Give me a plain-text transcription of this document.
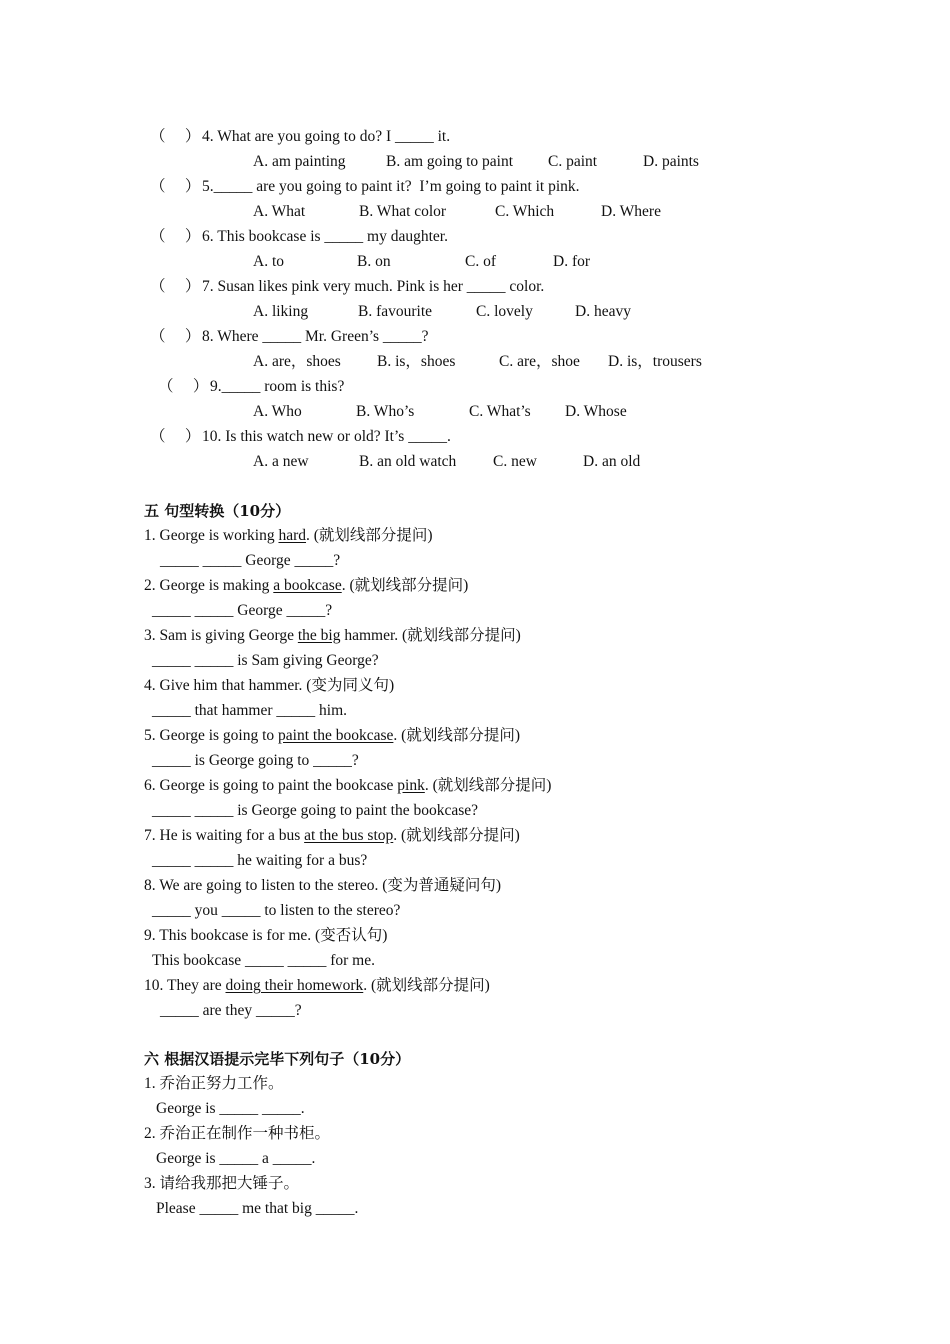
（     ） 4. What are you going to do? I _____ it.
A. am painting	B. am going to paint C. paint	D. paints
（     ） 5._____ are you going to paint it?  I’m going to paint it pink.
A. What	B. What color	C. Which	D. Where
（     ） 6. This bookcase is _____ my daughter.
A. to	B. on	C. of	D. for
（     ） 7. Susan likes pink very much. Pink is her _____ color.
A. liking	B. favourite	C. lovely	D. heavy
（     ） 8. Where _____ Mr. Green’s _____?
A. are，shoes B. is，shoes	C. are，shoe D. is，trousers
（     ） 9._____ room is this?
A. Who	B. Who’s	C. What’s D. Whose
（     ） 10. Is this watch new or old? It’s _____.
A. a new	B. an old watch C. new	D. an old
五 句型转换（10分）
1. George is working hard. (就划线部分提问)
_____ _____ George _____?
2. George is making a bookcase. (就划线部分提问)
_____ _____ George _____?
3. Sam is giving George the big hammer. (就划线部分提问)
_____ _____ is Sam giving George?
4. Give him that hammer. (变为同义句)
_____ that hammer _____ him.
5. George is going to paint the bookcase. (就划线部分提问)
_____ is George going to _____?
6. George is going to paint the bookcase pink. (就划线部分提问)
_____ _____ is George going to paint the bookcase?
7. He is waiting for a bus at the bus stop. (就划线部分提问)
_____ _____ he waiting for a bus?
8. We are going to listen to the stereo. (变为普通疑问句)
_____ you _____ to listen to the stereo?
9. This bookcase is for me. (变否认句)
This bookcase _____ _____ for me.
10. They are doing their homework. (就划线部分提问)
_____ are they _____?
六 根据汉语提示完毕下列句子（10分）
1. 乔治正努力工作。
George is _____ _____.
2. 乔治正在制作一种书柜。
George is _____ a _____.
3. 请给我那把大锤子。
Please _____ me that big _____.
